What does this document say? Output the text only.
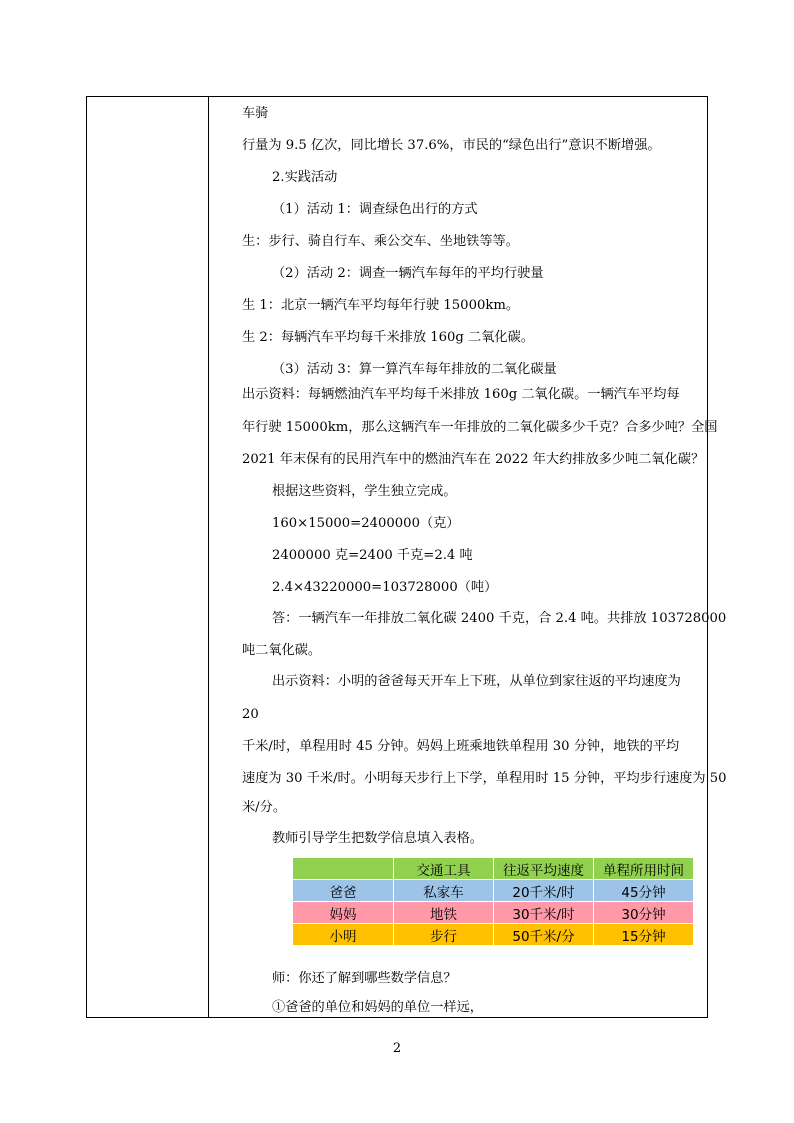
车骑
行量为 9.5 亿次，同比增长 37.6%，市民的“绿色出行”意识不断增强。
2.实践活动
（1）活动 1：调查绿色出行的方式
生：步行、骑自行车、乘公交车、坐地铁等等。
（2）活动 2：调查一辆汽车每年的平均行驶量
生 1：北京一辆汽车平均每年行驶 15000km。
生 2：每辆汽车平均每千米排放 160g 二氧化碳。
（3）活动 3：算一算汽车每年排放的二氧化碳量
出示资料：每辆燃油汽车平均每千米排放 160g 二氧化碳。一辆汽车平均每
年行驶 15000km，那么这辆汽车一年排放的二氧化碳多少千克？合多少吨？全国
2021 年末保有的民用汽车中的燃油汽车在 2022 年大约排放多少吨二氧化碳？
根据这些资料，学生独立完成。
160×15000=2400000（克）
2400000 克=2400 千克=2.4 吨
2.4×43220000=103728000（吨）
答：一辆汽车一年排放二氧化碳 2400 千克，合 2.4 吨。共排放 103728000
吨二氧化碳。
出示资料：小明的爸爸每天开车上下班，从单位到家往返的平均速度为
20
千米/时，单程用时 45 分钟。妈妈上班乘地铁单程用 30 分钟，地铁的平均
速度为 30 千米/时。小明每天步行上下学，单程用时 15 分钟，平均步行速度为 50
米/分。
教师引导学生把数学信息填入表格。
师：你还了解到哪些数学信息？
①爸爸的单位和妈妈的单位一样远，
	交通工具	往返平均速度	单程所用时间
爸爸	私家车	20千米/时	45分钟
妈妈	地铁	30千米/时	30分钟
小明	步行	50千米/分	15分钟
2
